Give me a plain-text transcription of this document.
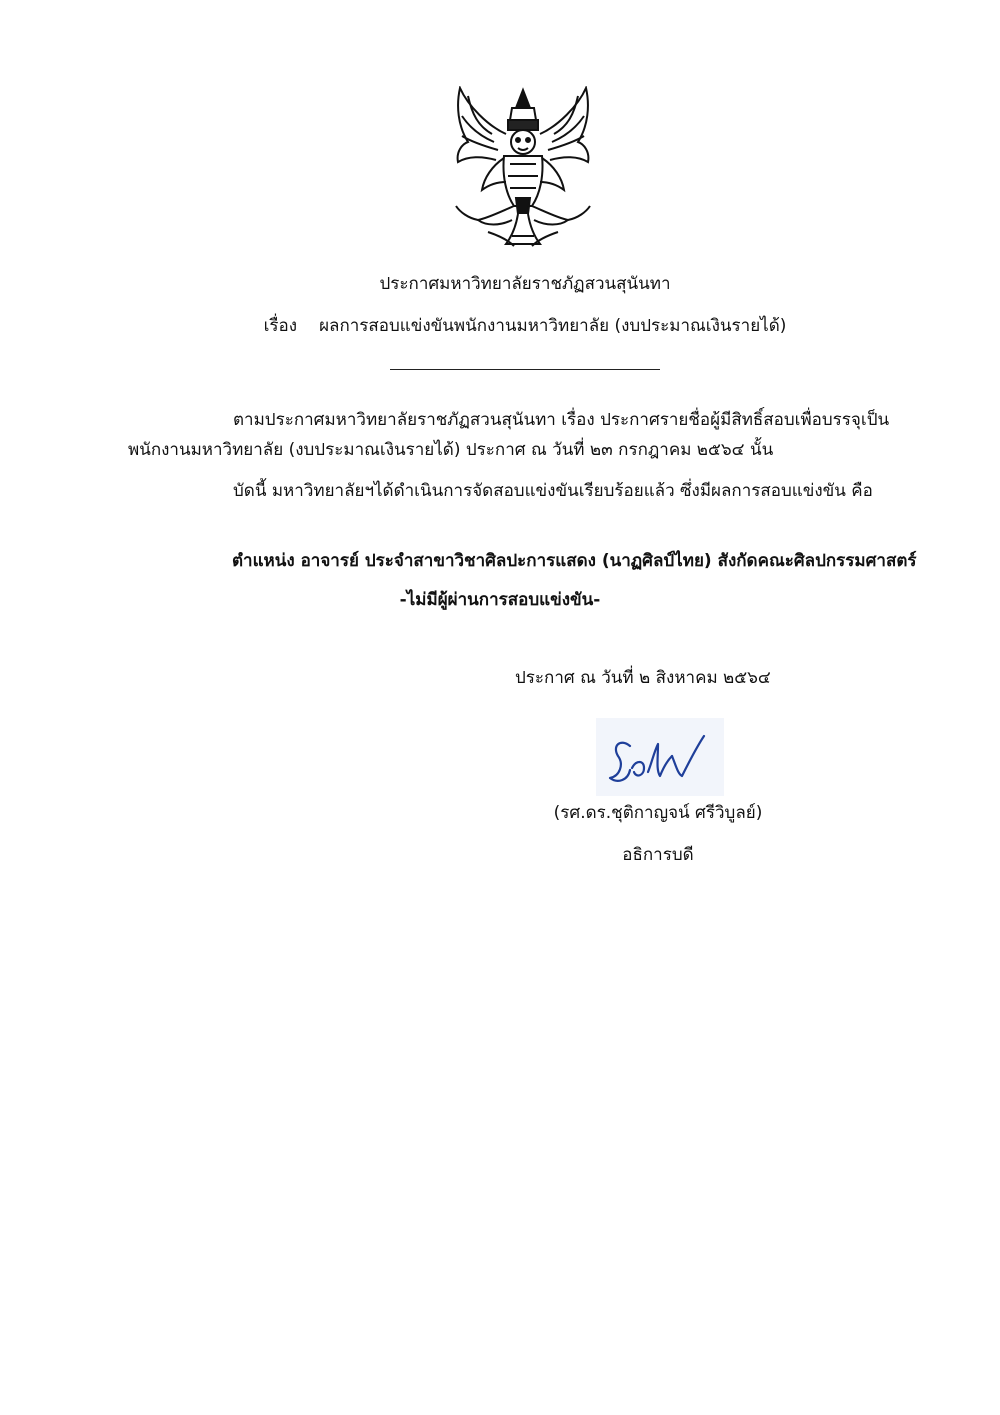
ประกาศมหาวิทยาลัยราชภัฏสวนสุนันทา
เรื่อง ผลการสอบแข่งขันพนักงานมหาวิทยาลัย (งบประมาณเงินรายได้)
ตามประกาศมหาวิทยาลัยราชภัฏสวนสุนันทา เรื่อง ประกาศรายชื่อผู้มีสิทธิ์สอบเพื่อบรรจุเป็น
พนักงานมหาวิทยาลัย (งบประมาณเงินรายได้) ประกาศ ณ วันที่ ๒๓ กรกฎาคม ๒๕๖๔ นั้น
บัดนี้ มหาวิทยาลัยฯได้ดำเนินการจัดสอบแข่งขันเรียบร้อยแล้ว ซึ่งมีผลการสอบแข่งขัน คือ
ตำแหน่ง อาจารย์ ประจำสาขาวิชาศิลปะการแสดง (นาฏศิลป์ไทย) สังกัดคณะศิลปกรรมศาสตร์
-ไม่มีผู้ผ่านการสอบแข่งขัน-
ประกาศ ณ วันที่ ๒ สิงหาคม ๒๕๖๔
(รศ.ดร.ชุติกาญจน์ ศรีวิบูลย์)
อธิการบดี
